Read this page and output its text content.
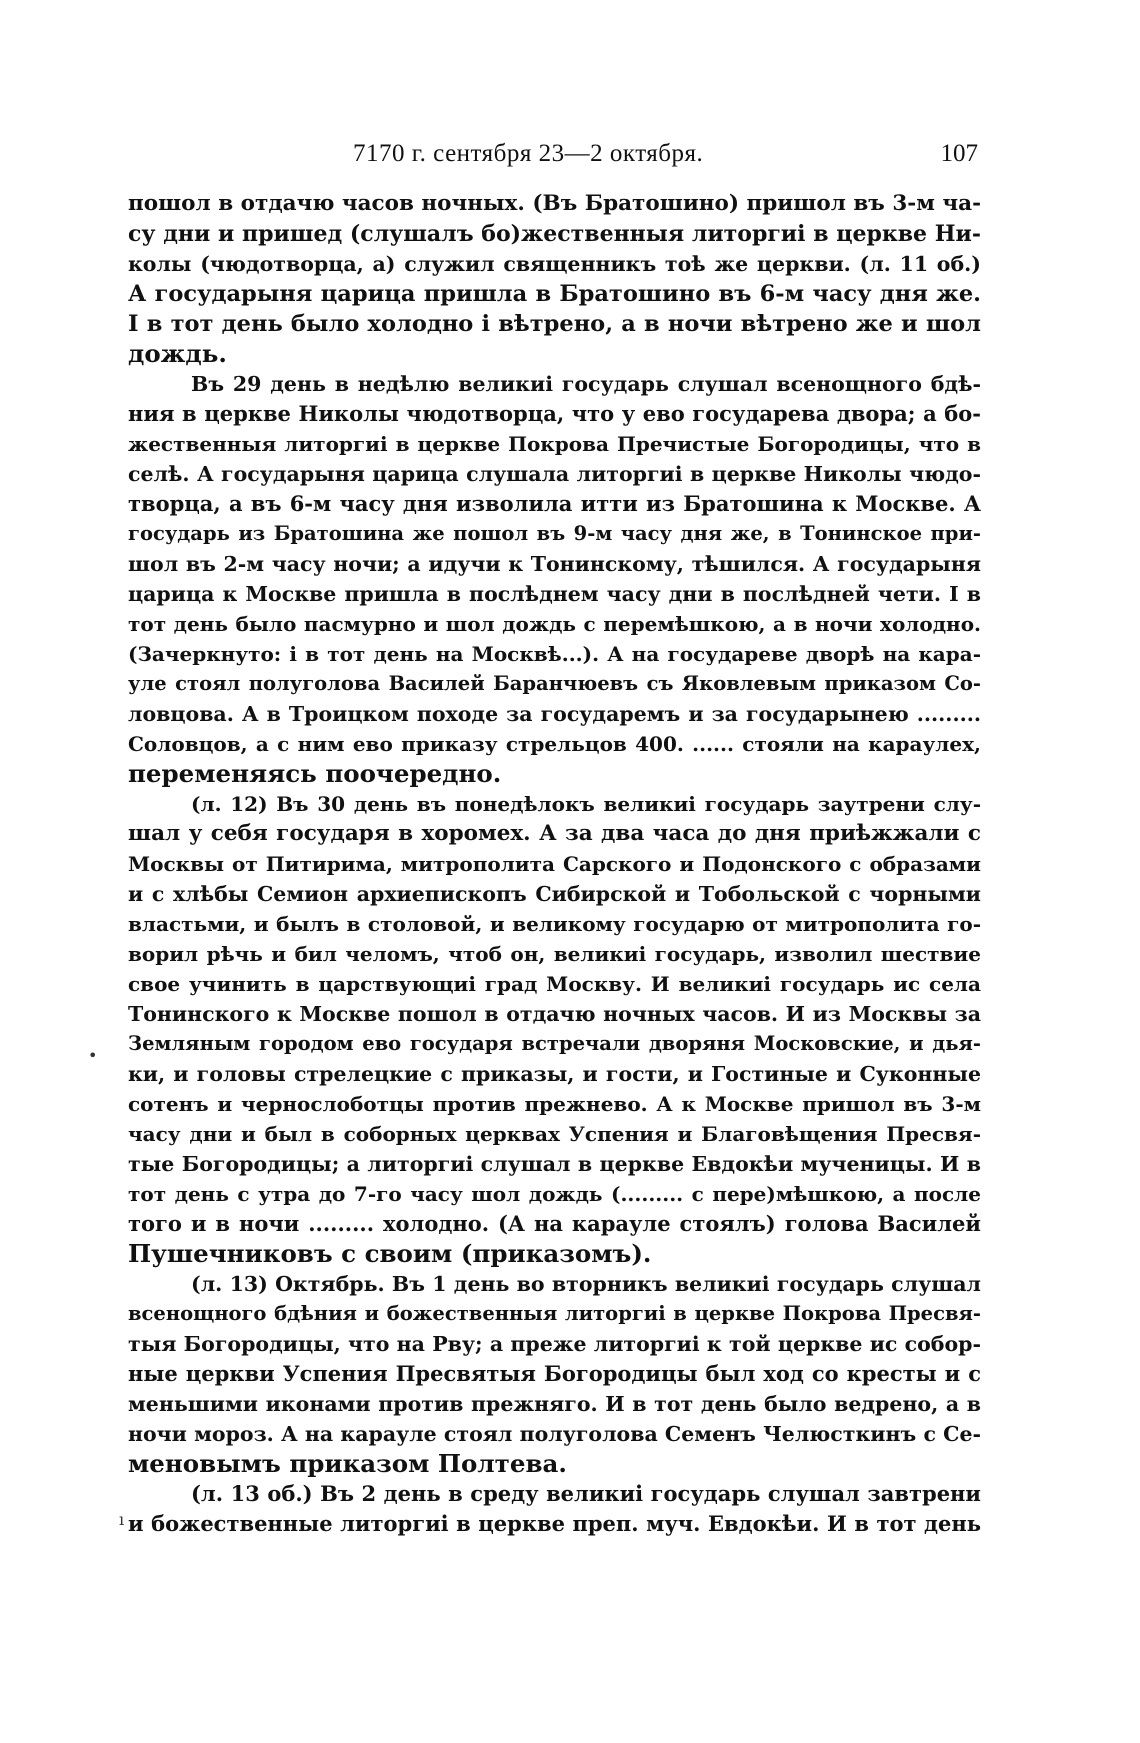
7170 г. сентября 23—2 октября.	107
пошол в отдачю часов ночных. (Въ Братошино) пришол въ 3-м ча-
су дни и пришед (слушалъ бо)жественныя литоргиі в церкве Ни-
колы (чюдотворца, а) служил священникъ тоѣ же церкви. (л. 11 об.)
А государыня царица пришла в Братошино въ 6-м часу дня же.
І в тот день было холодно і вѣтрено, а в ночи вѣтрено же и шол
дождь.
Въ 29 день в недѣлю великиі государь слушал всенощного бдѣ-
ния в церкве Николы чюдотворца, что у ево государева двора; а бо-
жественныя литоргиі в церкве Покрова Пречистые Богородицы, что в
селѣ. А государыня царица слушала литоргиі в церкве Николы чюдо-
творца, а въ 6-м часу дня изволила итти из Братошина к Москве. А
государь из Братошина же пошол въ 9-м часу дня же, в Тонинское при-
шол въ 2-м часу ночи; а идучи к Тонинскому, тѣшился. А государыня
царица к Москве пришла в послѣднем часу дни в послѣдней чети. І в
тот день было пасмурно и шол дождь с перемѣшкою, а в ночи холодно.
(Зачеркнуто: і в тот день на Москвѣ...). А на государеве дворѣ на кара-
уле стоял полуголова Василей Баранчюевъ съ Яковлевым приказом Со-
ловцова. А в Троицком походе за государемъ и за государынею .........
Соловцов, а с ним ево приказу стрельцов 400. ...... стояли на караулех,
переменяясь поочередно.
(л. 12) Въ 30 день въ понедѣлокъ великиі государь заутрени слу-
шал у себя государя в хоромех. А за два часа до дня приѣжжали с
Москвы от Питирима, митрополита Сарского и Подонского с образами
и с хлѣбы Семион архиепископъ Сибирской и Тобольской с чорными
властьми, и былъ в столовой, и великому государю от митрополита го-
ворил рѣчь и бил челомъ, чтоб он, великиі государь, изволил шествие
свое учинить в царствующиі град Москву. И великиі государь ис села
Тонинского к Москве пошол в отдачю ночных часов. И из Москвы за
Земляным городом ево государя встречали дворяня Московские, и дья-
ки, и головы стрелецкие с приказы, и гости, и Гостиные и Суконные
сотенъ и чернослоботцы против прежнево. А к Москве пришол въ 3-м
часу дни и был в соборных церквах Успения и Благовѣщения Пресвя-
тые Богородицы; а литоргиі слушал в церкве Евдокѣи мученицы. И в
тот день с утра до 7-го часу шол дождь (......... с пере)мѣшкою, а после
того и в ночи ......... холодно. (А на карауле стоялъ) голова Василей
Пушечниковъ с своим (приказомъ).
(л. 13) Октябрь. Въ 1 день во вторникъ великиі государь слушал
всенощного бдѣния и божественныя литоргиі в церкве Покрова Пресвя-
тыя Богородицы, что на Рву; а преже литоргиі к той церкве ис собор-
ные церкви Успения Пресвятыя Богородицы был ход со кресты и с
меньшими иконами против прежняго. И в тот день было ведрено, а в
ночи мороз. А на карауле стоял полуголова Семенъ Челюсткинъ с Се-
меновымъ приказом Полтева.
(л. 13 об.) Въ 2 день в среду великиі государь слушал завтрени
и божественные литоргиі в церкве преп. муч. Евдокѣи. И в тот день
•
ı
